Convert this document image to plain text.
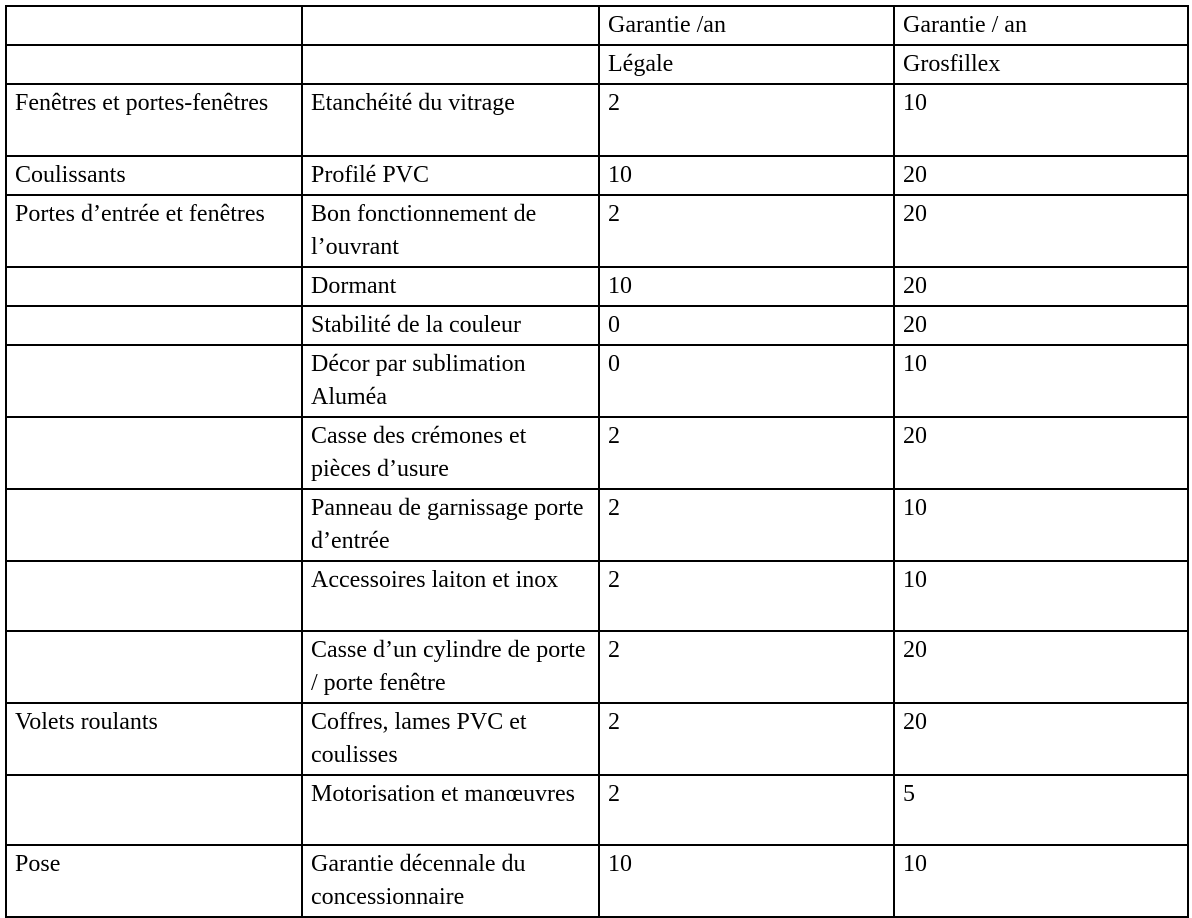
		Garantie /an	Garantie / an
		Légale	Grosfillex
Fenêtres et portes-fenêtres	Etanchéité du vitrage	2	10
Coulissants	Profilé PVC	10	20
Portes d’entrée et fenêtres	Bon fonctionnement de l’ouvrant	2	20
	Dormant	10	20
	Stabilité de la couleur	0	20
	Décor par sublimation Aluméa	0	10
	Casse des crémones et pièces d’usure	2	20
	Panneau de garnissage porte d’entrée	2	10
	Accessoires laiton et inox	2	10
	Casse d’un cylindre de porte / porte fenêtre	2	20
Volets roulants	Coffres, lames PVC et coulisses	2	20
	Motorisation et manœuvres	2	5
Pose	Garantie décennale du concessionnaire	10	10
